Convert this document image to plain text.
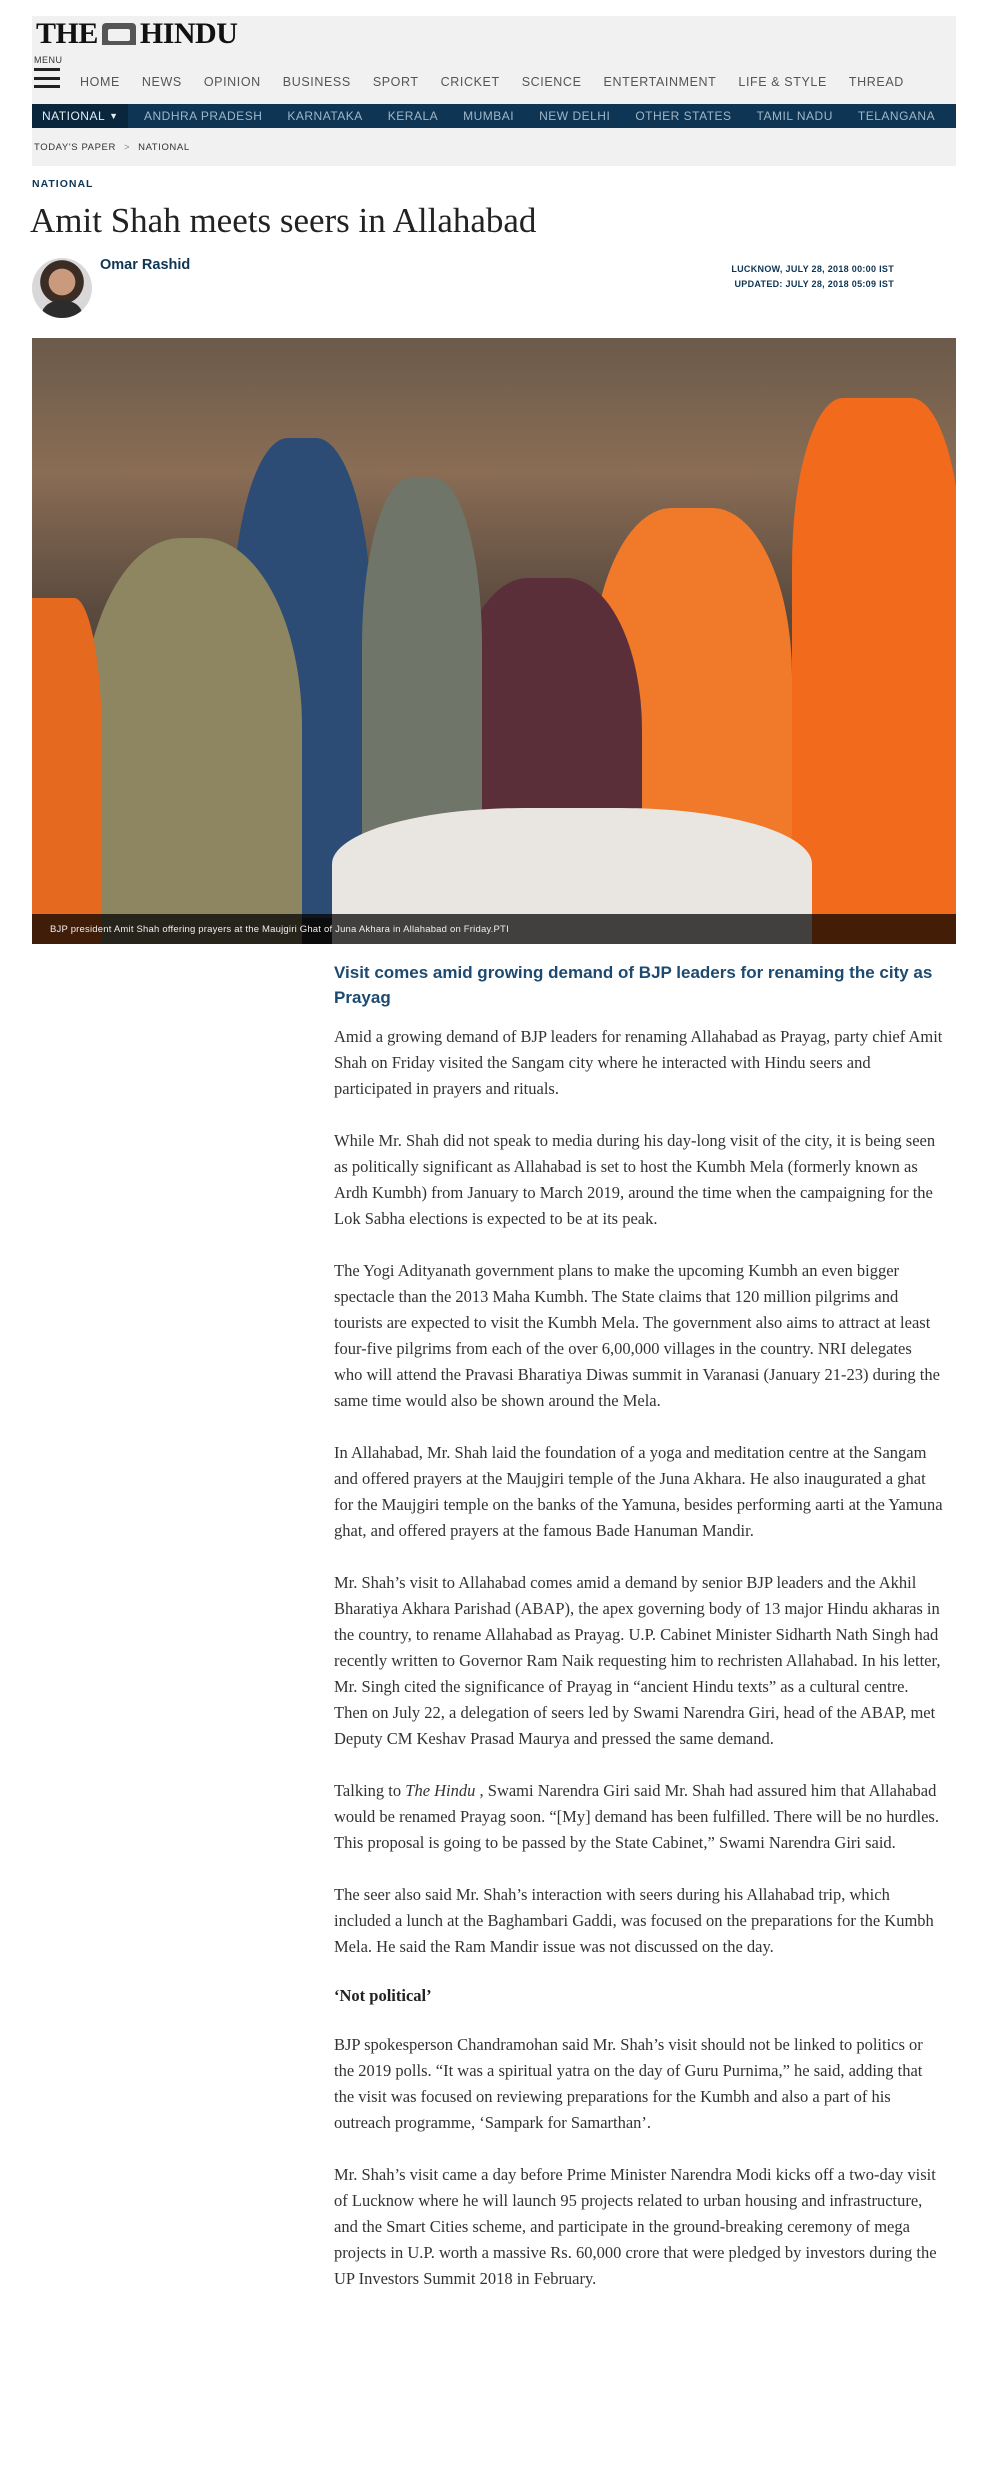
THE HINDU
MENU
HOME NEWS OPINION BUSINESS SPORT CRICKET SCIENCE ENTERTAINMENT LIFE & STYLE THREAD
NATIONAL ▼ ANDHRA PRADESH KARNATAKA KERALA MUMBAI NEW DELHI OTHER STATES TAMIL NADU TELANGANA
TODAY'S PAPER > NATIONAL
NATIONAL
Amit Shah meets seers in Allahabad
Omar Rashid	LUCKNOW, JULY 28, 2018 00:00 IST
UPDATED: JULY 28, 2018 05:09 IST
BJP president Amit Shah offering prayers at the Maujgiri Ghat of Juna Akhara in Allahabad on Friday.PTI
Visit comes amid growing demand of BJP leaders for renaming the city as Prayag

Amid a growing demand of BJP leaders for renaming Allahabad as Prayag, party chief Amit Shah on Friday visited the Sangam city where he interacted with Hindu seers and participated in prayers and rituals.

While Mr. Shah did not speak to media during his day-long visit of the city, it is being seen as politically significant as Allahabad is set to host the Kumbh Mela (formerly known as Ardh Kumbh) from January to March 2019, around the time when the campaigning for the Lok Sabha elections is expected to be at its peak.

The Yogi Adityanath government plans to make the upcoming Kumbh an even bigger spectacle than the 2013 Maha Kumbh. The State claims that 120 million pilgrims and tourists are expected to visit the Kumbh Mela. The government also aims to attract at least four-five pilgrims from each of the over 6,00,000 villages in the country. NRI delegates who will attend the Pravasi Bharatiya Diwas summit in Varanasi (January 21-23) during the same time would also be shown around the Mela.

In Allahabad, Mr. Shah laid the foundation of a yoga and meditation centre at the Sangam and offered prayers at the Maujgiri temple of the Juna Akhara. He also inaugurated a ghat for the Maujgiri temple on the banks of the Yamuna, besides performing aarti at the Yamuna ghat, and offered prayers at the famous Bade Hanuman Mandir.

Mr. Shah’s visit to Allahabad comes amid a demand by senior BJP leaders and the Akhil Bharatiya Akhara Parishad (ABAP), the apex governing body of 13 major Hindu akharas in the country, to rename Allahabad as Prayag. U.P. Cabinet Minister Sidharth Nath Singh had recently written to Governor Ram Naik requesting him to rechristen Allahabad. In his letter, Mr. Singh cited the significance of Prayag in “ancient Hindu texts” as a cultural centre. Then on July 22, a delegation of seers led by Swami Narendra Giri, head of the ABAP, met Deputy CM Keshav Prasad Maurya and pressed the same demand.

Talking to The Hindu , Swami Narendra Giri said Mr. Shah had assured him that Allahabad would be renamed Prayag soon. “[My] demand has been fulfilled. There will be no hurdles. This proposal is going to be passed by the State Cabinet,” Swami Narendra Giri said.

The seer also said Mr. Shah’s interaction with seers during his Allahabad trip, which included a lunch at the Baghambari Gaddi, was focused on the preparations for the Kumbh Mela. He said the Ram Mandir issue was not discussed on the day.

‘Not political’

BJP spokesperson Chandramohan said Mr. Shah’s visit should not be linked to politics or the 2019 polls. “It was a spiritual yatra on the day of Guru Purnima,” he said, adding that the visit was focused on reviewing preparations for the Kumbh and also a part of his outreach programme, ‘Sampark for Samarthan’.

Mr. Shah’s visit came a day before Prime Minister Narendra Modi kicks off a two-day visit of Lucknow where he will launch 95 projects related to urban housing and infrastructure, and the Smart Cities scheme, and participate in the ground-breaking ceremony of mega projects in U.P. worth a massive Rs. 60,000 crore that were pledged by investors during the UP Investors Summit 2018 in February.
